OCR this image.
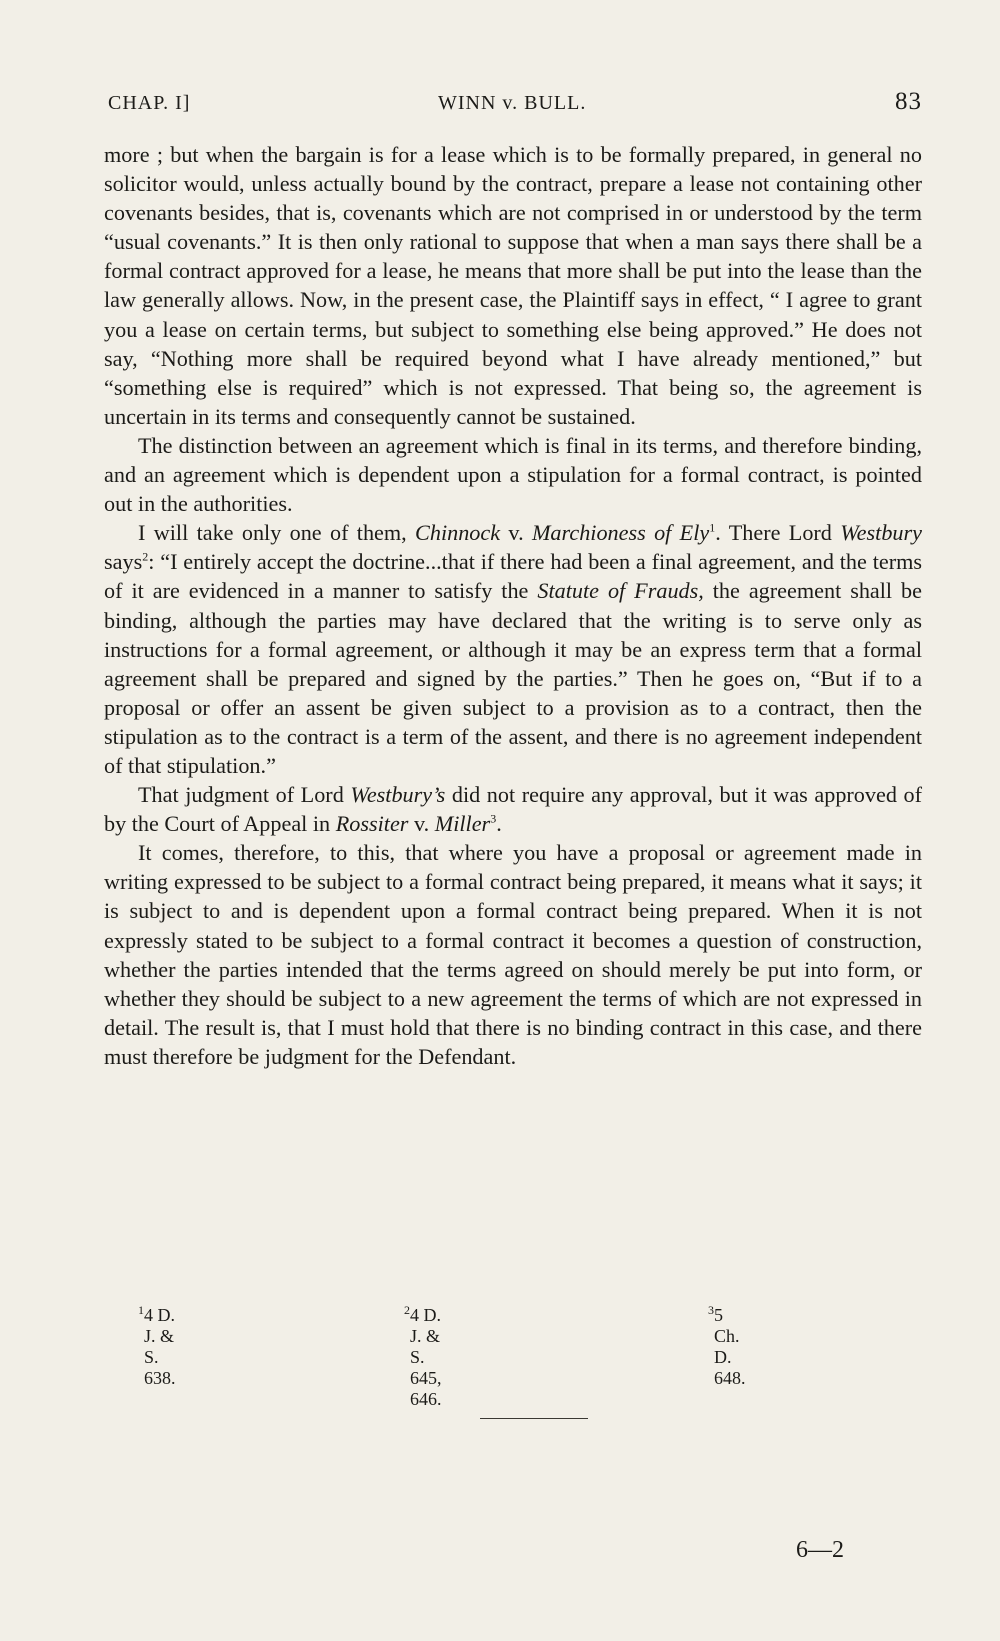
CHAP. I]	WINN v. BULL.	83

more ; but when the bargain is for a lease which is to be formally prepared, in general no solicitor would, unless actually bound by the contract, prepare a lease not containing other covenants besides, that is, covenants which are not comprised in or understood by the term “usual covenants.” It is then only rational to suppose that when a man says there shall be a formal contract approved for a lease, he means that more shall be put into the lease than the law generally allows. Now, in the present case, the Plaintiff says in effect, “ I agree to grant you a lease on certain terms, but subject to something else being approved.” He does not say, “Nothing more shall be required beyond what I have already mentioned,” but “something else is required” which is not expressed. That being so, the agreement is uncertain in its terms and consequently cannot be sustained.

The distinction between an agreement which is final in its terms, and therefore binding, and an agreement which is dependent upon a stipulation for a formal contract, is pointed out in the authorities.

I will take only one of them, Chinnock v. Marchioness of Ely$^1$. There Lord Westbury says$^2$: “I entirely accept the doctrine...that if there had been a final agreement, and the terms of it are evidenced in a manner to satisfy the Statute of Frauds, the agreement shall be binding, although the parties may have declared that the writing is to serve only as instructions for a formal agreement, or although it may be an express term that a formal agreement shall be prepared and signed by the parties.” Then he goes on, “But if to a proposal or offer an assent be given subject to a provision as to a contract, then the stipulation as to the contract is a term of the assent, and there is no agreement independent of that stipulation.”

That judgment of Lord Westbury’s did not require any approval, but it was approved of by the Court of Appeal in Rossiter v. Miller$^3$.

It comes, therefore, to this, that where you have a proposal or agreement made in writing expressed to be subject to a formal contract being prepared, it means what it says; it is subject to and is dependent upon a formal contract being prepared. When it is not expressly stated to be subject to a formal contract it becomes a question of construction, whether the parties intended that the terms agreed on should merely be put into form, or whether they should be subject to a new agreement the terms of which are not expressed in detail. The result is, that I must hold that there is no binding contract in this case, and there must therefore be judgment for the Defendant.

$^1$ 4 D. J. & S. 638.
$^2$ 4 D. J. & S. 645, 646.
$^3$ 5 Ch. D. 648.
6—2
